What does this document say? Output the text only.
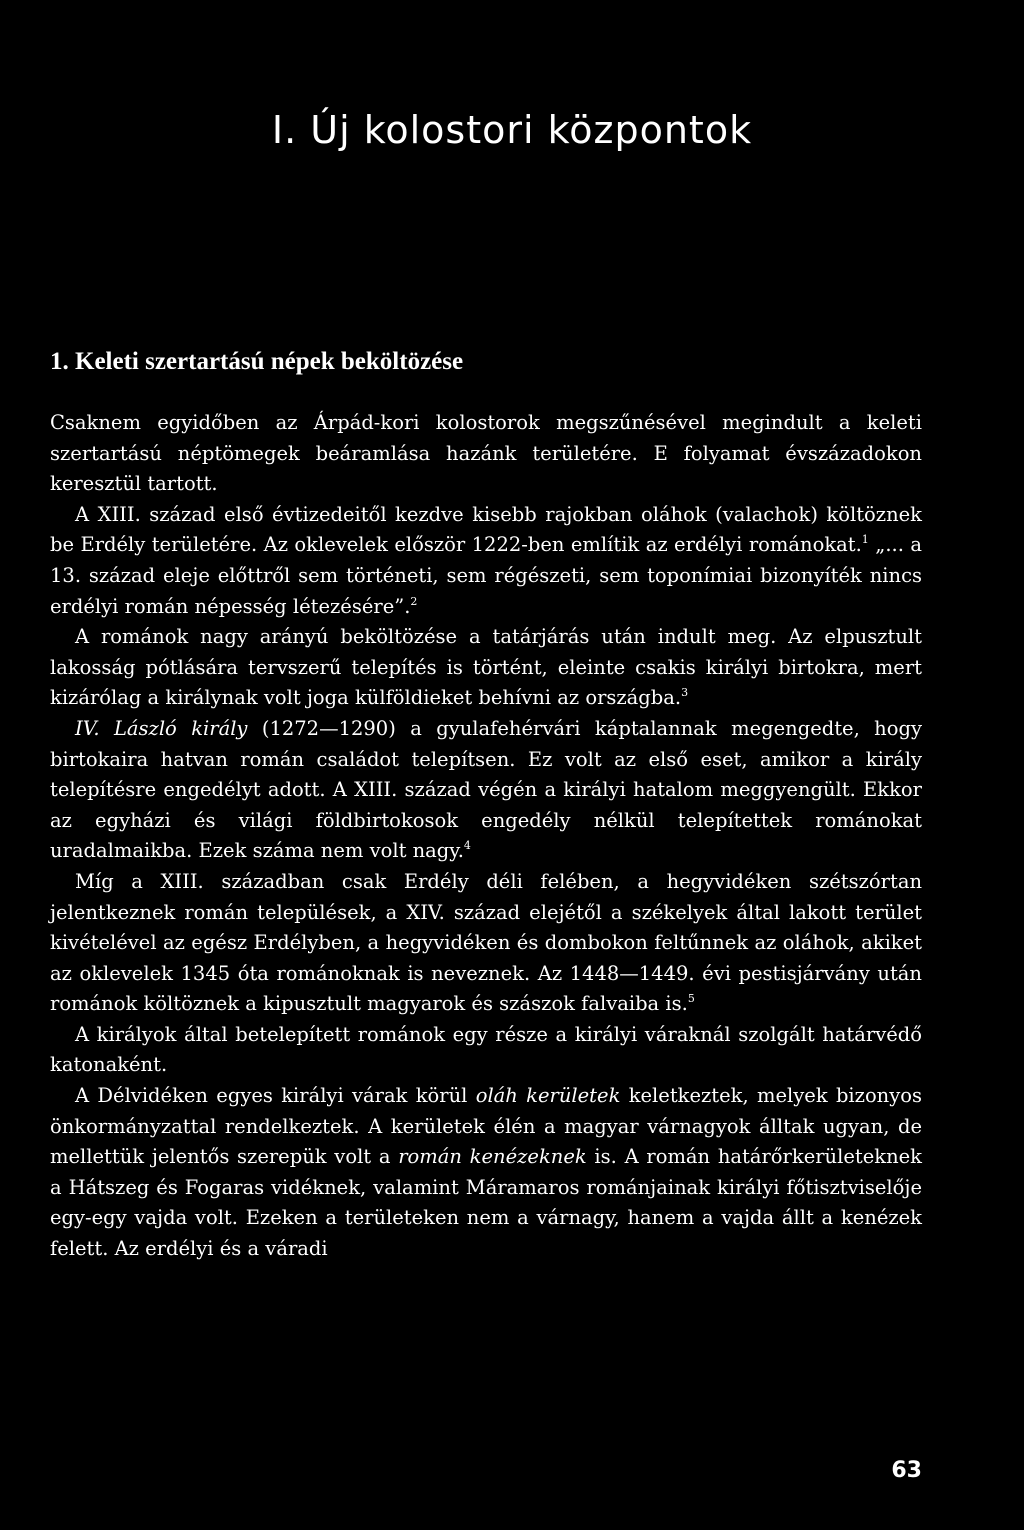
I. Új kolostori központok
1. Keleti szertartású népek beköltözése

Csaknem egyidőben az Árpád-kori kolostorok megszűnésével megindult a keleti szertartású néptömegek beáramlása hazánk területére. E folyamat évszázadokon keresztül tartott.

A XIII. század első évtizedeitől kezdve kisebb rajokban oláhok (valachok) költöznek be Erdély területére. Az oklevelek először 1222-ben említik az erdélyi románokat.$^1$ „... a 13. század eleje előttről sem történeti, sem régészeti, sem toponímiai bizonyíték nincs erdélyi román népesség létezésére”.$^2$

A románok nagy arányú beköltözése a tatárjárás után indult meg. Az elpusztult lakosság pótlására tervszerű telepítés is történt, eleinte csakis királyi birtokra, mert kizárólag a királynak volt joga külföldieket behívni az országba.$^3$

IV. László király (1272—1290) a gyulafehérvári káptalannak megengedte, hogy birtokaira hatvan román családot telepítsen. Ez volt az első eset, amikor a király telepítésre engedélyt adott. A XIII. század végén a királyi hatalom meggyengült. Ekkor az egyházi és világi földbirtokosok engedély nélkül telepítettek románokat uradalmaikba. Ezek száma nem volt nagy.$^4$

Míg a XIII. században csak Erdély déli felében, a hegyvidéken szétszórtan jelentkeznek román települések, a XIV. század elejétől a székelyek által lakott terület kivételével az egész Erdélyben, a hegyvidéken és dombokon feltűnnek az oláhok, akiket az oklevelek 1345 óta románoknak is neveznek. Az 1448—1449. évi pestisjárvány után románok költöznek a kipusztult magyarok és szászok falvaiba is.$^5$

A királyok által betelepített románok egy része a királyi váraknál szolgált határvédő katonaként.

A Délvidéken egyes királyi várak körül oláh kerületek keletkeztek, melyek bizonyos önkormányzattal rendelkeztek. A kerületek élén a magyar várnagyok álltak ugyan, de mellettük jelentős szerepük volt a román kenézeknek is. A román határőrkerületeknek a Hátszeg és Fogaras vidéknek, valamint Máramaros románjainak királyi főtisztviselője egy-egy vajda volt. Ezeken a területeken nem a várnagy, hanem a vajda állt a kenézek felett. Az erdélyi és a váradi

63
